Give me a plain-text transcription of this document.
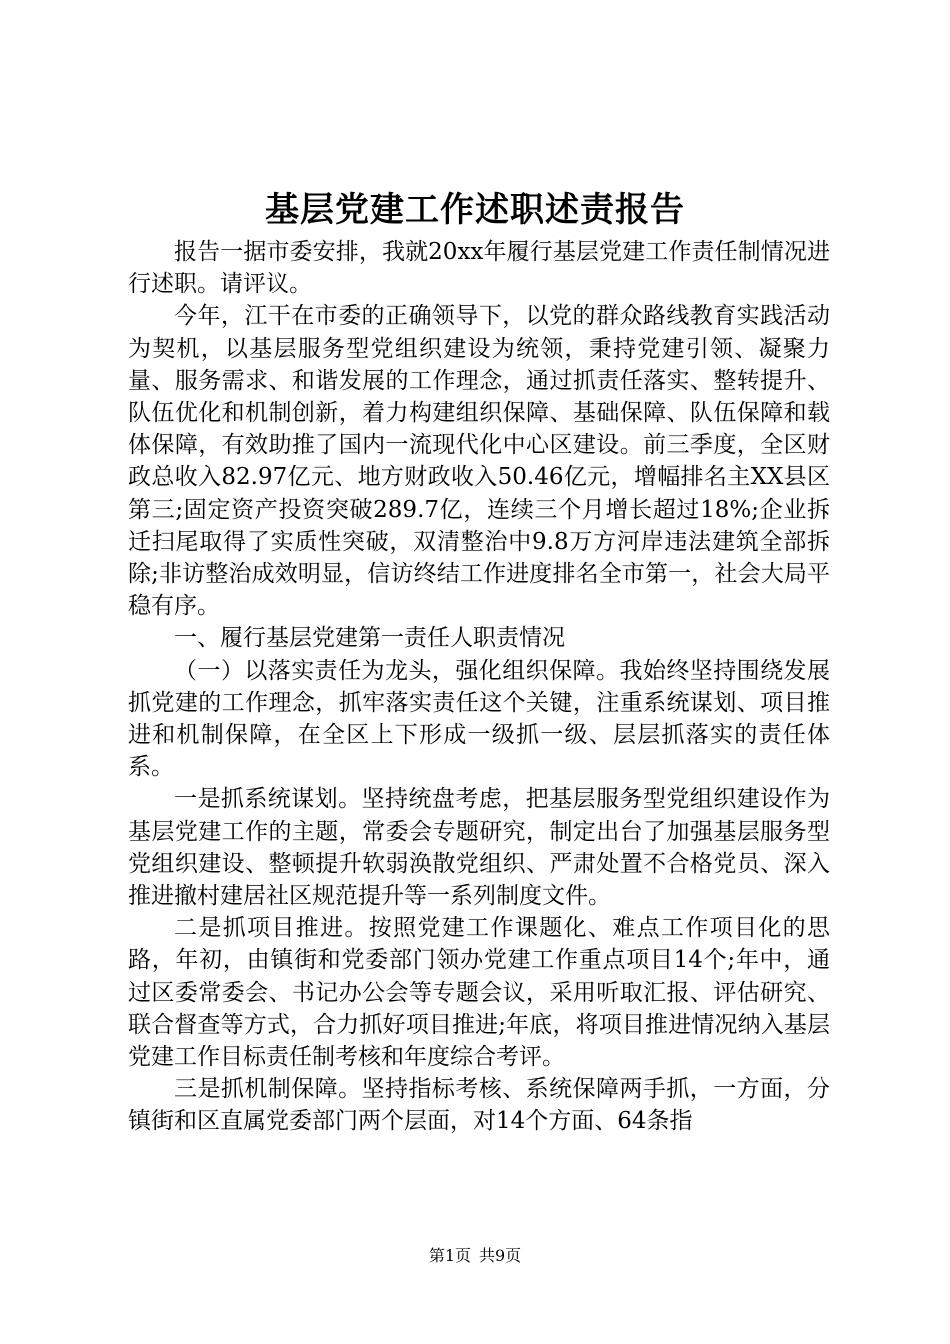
基层党建工作述职述责报告

报告一据市委安排，我就20xx年履行基层党建工作责任制情况进行述职。请评议。

今年，江干在市委的正确领导下，以党的群众路线教育实践活动为契机，以基层服务型党组织建设为统领，秉持党建引领、凝聚力量、服务需求、和谐发展的工作理念，通过抓责任落实、整转提升、队伍优化和机制创新，着力构建组织保障、基础保障、队伍保障和载体保障，有效助推了国内一流现代化中心区建设。前三季度，全区财政总收入82.97亿元、地方财政收入50.46亿元，增幅排名主XX县区第三;固定资产投资突破289.7亿，连续三个月增长超过18%;企业拆迁扫尾取得了实质性突破，双清整治中9.8万方河岸违法建筑全部拆除;非访整治成效明显，信访终结工作进度排名全市第一，社会大局平稳有序。

一、履行基层党建第一责任人职责情况

（一）以落实责任为龙头，强化组织保障。我始终坚持围绕发展抓党建的工作理念，抓牢落实责任这个关键，注重系统谋划、项目推进和机制保障，在全区上下形成一级抓一级、层层抓落实的责任体系。

一是抓系统谋划。坚持统盘考虑，把基层服务型党组织建设作为基层党建工作的主题，常委会专题研究，制定出台了加强基层服务型党组织建设、整顿提升软弱涣散党组织、严肃处置不合格党员、深入推进撤村建居社区规范提升等一系列制度文件。

二是抓项目推进。按照党建工作课题化、难点工作项目化的思路，年初，由镇街和党委部门领办党建工作重点项目14个;年中，通过区委常委会、书记办公会等专题会议，采用听取汇报、评估研究、联合督查等方式，合力抓好项目推进;年底，将项目推进情况纳入基层党建工作目标责任制考核和年度综合考评。

三是抓机制保障。坚持指标考核、系统保障两手抓，一方面，分镇街和区直属党委部门两个层面，对14个方面、64条指

第1页 共9页
